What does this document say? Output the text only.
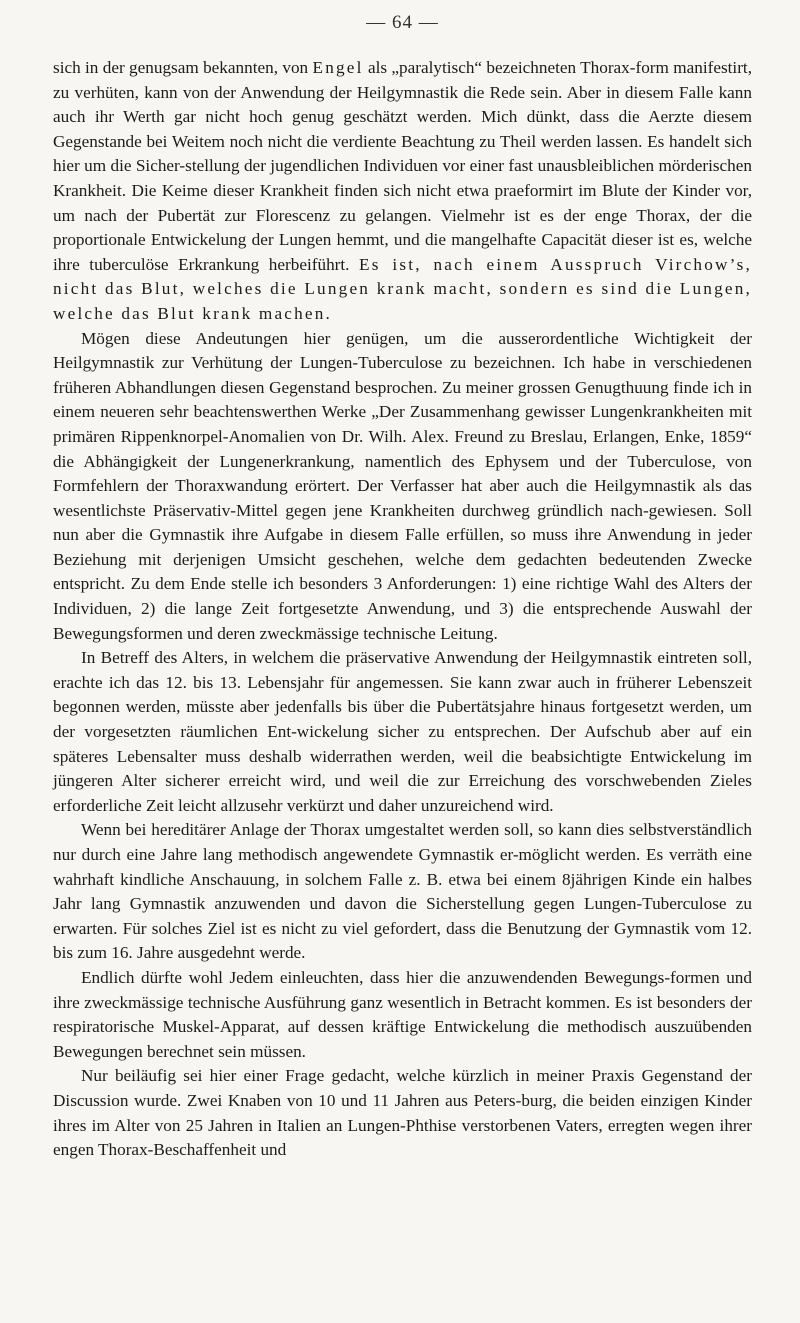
— 64 —

sich in der genugsam bekannten, von Engel als „paralytisch“ bezeichneten Thorax-form manifestirt, zu verhüten, kann von der Anwendung der Heilgymnastik die Rede sein. Aber in diesem Falle kann auch ihr Werth gar nicht hoch genug geschätzt werden. Mich dünkt, dass die Aerzte diesem Gegenstande bei Weitem noch nicht die verdiente Beachtung zu Theil werden lassen. Es handelt sich hier um die Sicher-stellung der jugendlichen Individuen vor einer fast unausbleiblichen mörderischen Krankheit. Die Keime dieser Krankheit finden sich nicht etwa praeformirt im Blute der Kinder vor, um nach der Pubertät zur Florescenz zu gelangen. Vielmehr ist es der enge Thorax, der die proportionale Entwickelung der Lungen hemmt, und die mangelhafte Capacität dieser ist es, welche ihre tuberculöse Erkrankung herbeiführt. Es ist, nach einem Ausspruch Virchow’s, nicht das Blut, welches die Lungen krank macht, sondern es sind die Lungen, welche das Blut krank machen.

Mögen diese Andeutungen hier genügen, um die ausserordentliche Wichtigkeit der Heilgymnastik zur Verhütung der Lungen-Tuberculose zu bezeichnen. Ich habe in verschiedenen früheren Abhandlungen diesen Gegenstand besprochen. Zu meiner grossen Genugthuung finde ich in einem neueren sehr beachtenswerthen Werke „Der Zusammenhang gewisser Lungenkrankheiten mit primären Rippenknorpel-Anomalien von Dr. Wilh. Alex. Freund zu Breslau, Erlangen, Enke, 1859“ die Abhängigkeit der Lungenerkrankung, namentlich des Ephysem und der Tuberculose, von Formfehlern der Thoraxwandung erörtert. Der Verfasser hat aber auch die Heilgymnastik als das wesentlichste Präservativ-Mittel gegen jene Krankheiten durchweg gründlich nach-gewiesen. Soll nun aber die Gymnastik ihre Aufgabe in diesem Falle erfüllen, so muss ihre Anwendung in jeder Beziehung mit derjenigen Umsicht geschehen, welche dem gedachten bedeutenden Zwecke entspricht. Zu dem Ende stelle ich besonders 3 Anforderungen: 1) eine richtige Wahl des Alters der Individuen, 2) die lange Zeit fortgesetzte Anwendung, und 3) die entsprechende Auswahl der Bewegungsformen und deren zweckmässige technische Leitung.

In Betreff des Alters, in welchem die präservative Anwendung der Heilgymnastik eintreten soll, erachte ich das 12. bis 13. Lebensjahr für angemessen. Sie kann zwar auch in früherer Lebenszeit begonnen werden, müsste aber jedenfalls bis über die Pubertätsjahre hinaus fortgesetzt werden, um der vorgesetzten räumlichen Ent-wickelung sicher zu entsprechen. Der Aufschub aber auf ein späteres Lebensalter muss deshalb widerrathen werden, weil die beabsichtigte Entwickelung im jüngeren Alter sicherer erreicht wird, und weil die zur Erreichung des vorschwebenden Zieles erforderliche Zeit leicht allzusehr verkürzt und daher unzureichend wird.

Wenn bei hereditärer Anlage der Thorax umgestaltet werden soll, so kann dies selbstverständlich nur durch eine Jahre lang methodisch angewendete Gymnastik er-möglicht werden. Es verräth eine wahrhaft kindliche Anschauung, in solchem Falle z. B. etwa bei einem 8jährigen Kinde ein halbes Jahr lang Gymnastik anzuwenden und davon die Sicherstellung gegen Lungen-Tuberculose zu erwarten. Für solches Ziel ist es nicht zu viel gefordert, dass die Benutzung der Gymnastik vom 12. bis zum 16. Jahre ausgedehnt werde.

Endlich dürfte wohl Jedem einleuchten, dass hier die anzuwendenden Bewegungs-formen und ihre zweckmässige technische Ausführung ganz wesentlich in Betracht kommen. Es ist besonders der respiratorische Muskel-Apparat, auf dessen kräftige Entwickelung die methodisch auszuübenden Bewegungen berechnet sein müssen.

Nur beiläufig sei hier einer Frage gedacht, welche kürzlich in meiner Praxis Gegenstand der Discussion wurde. Zwei Knaben von 10 und 11 Jahren aus Peters-burg, die beiden einzigen Kinder ihres im Alter von 25 Jahren in Italien an Lungen-Phthise verstorbenen Vaters, erregten wegen ihrer engen Thorax-Beschaffenheit und
